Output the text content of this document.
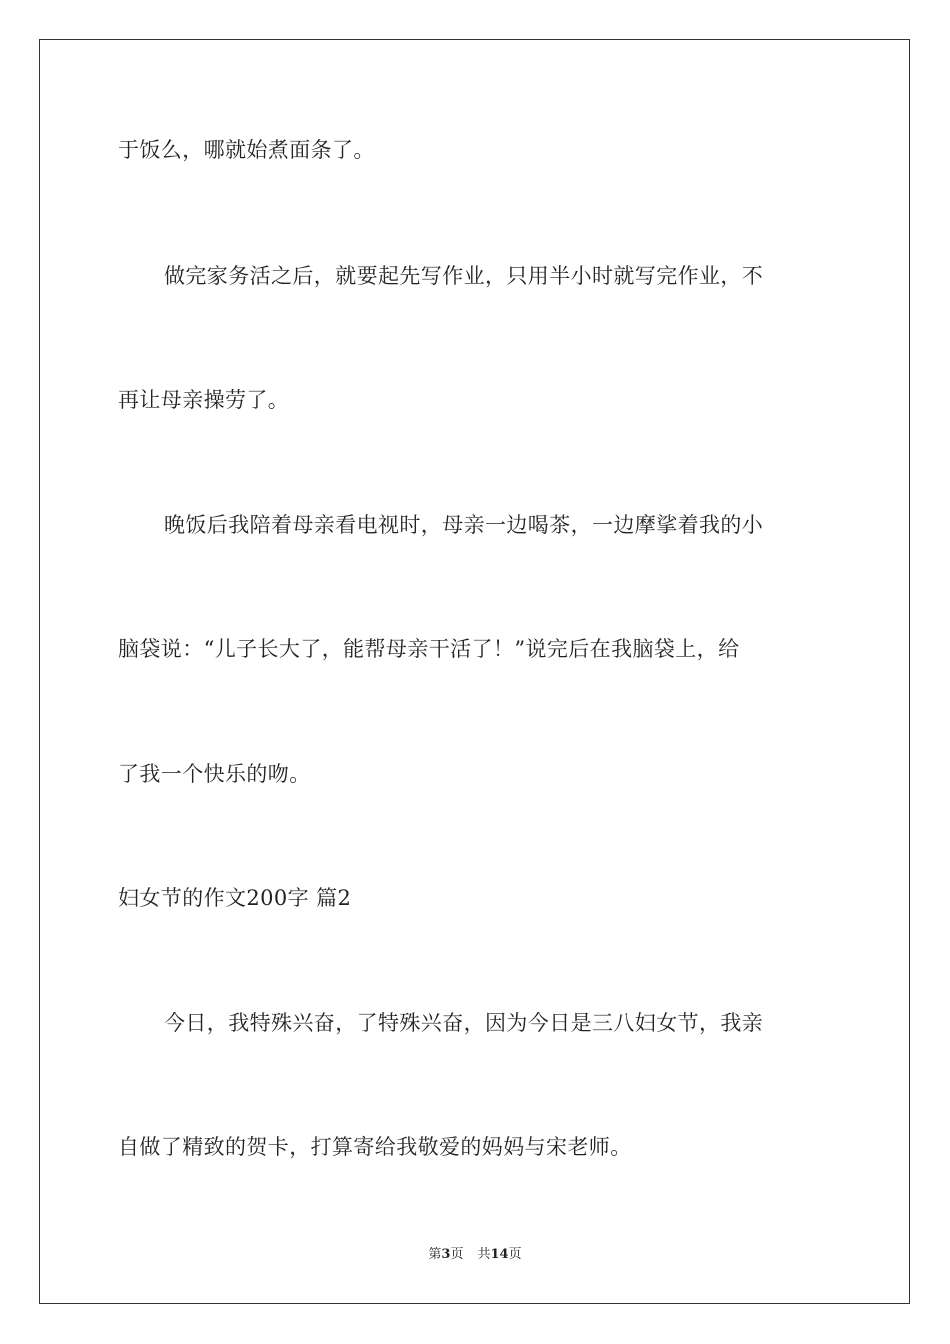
于饭么，哪就始煮面条了。
做完家务活之后，就要起先写作业，只用半小时就写完作业，不
再让母亲操劳了。
晚饭后我陪着母亲看电视时，母亲一边喝茶，一边摩挲着我的小
脑袋说：“儿子长大了，能帮母亲干活了！”说完后在我脑袋上，给
了我一个快乐的吻。
妇女节的作文200字 篇2
今日，我特殊兴奋，了特殊兴奋，因为今日是三八妇女节，我亲
自做了精致的贺卡，打算寄给我敬爱的妈妈与宋老师。
第3页 共14页
